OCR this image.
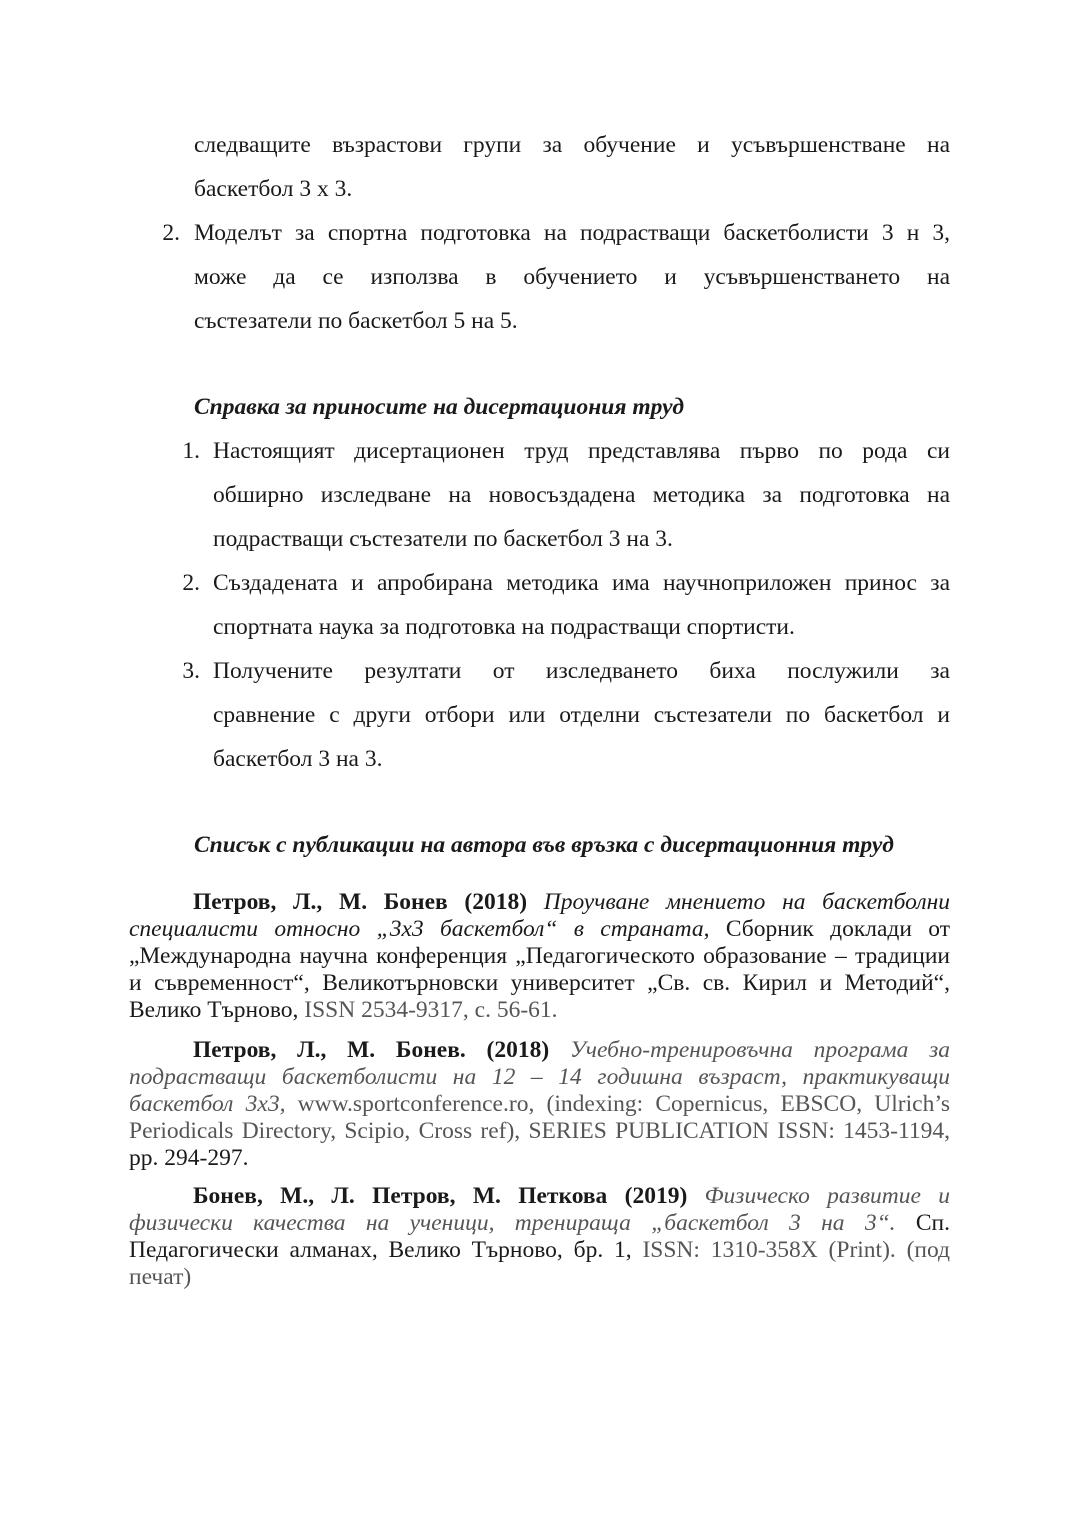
следващите възрастови групи за обучение и усъвършенстване на
баскетбол 3 х 3.
2. Моделът за спортна подготовка на подрастващи баскетболисти 3 н 3,
може да се използва в обучението и усъвършенстването на
състезатели по баскетбол 5 на 5.
Справка за приносите на дисертациония труд
1. Настоящият дисертационен труд представлява първо по рода си
обширно изследване на новосъздадена методика за подготовка на
подрастващи състезатели по баскетбол 3 на 3.
2. Създадената и апробирана методика има научноприложен принос за
спортната наука за подготовка на подрастващи спортисти.
3. Получените резултати от изследването биха послужили за
сравнение с други отбори или отделни състезатели по баскетбол и
баскетбол 3 на 3.
Списък с публикации на автора във връзка с дисертационния труд
Петров, Л., М. Бонев (2018) Проучване мнението на баскетболни специалисти относно „3х3 баскетбол“ в страната, Сборник доклади от „Международна научна конференция „Педагогическото образование – традиции и съвременност“, Великотърновски университет „Св. св. Кирил и Методий“, Велико Търново, ISSN 2534-9317, с. 56-61.
Петров, Л., М. Бонев. (2018) Учебно-тренировъчна програма за подрастващи баскетболисти на 12 – 14 годишна възраст, практикуващи баскетбол 3х3, www.sportconference.ro, (indexing: Copernicus, EBSCO, Ulrich’s Periodicals Directory, Scipio, Cross ref), SERIES PUBLICATION ISSN: 1453-1194, pp. 294-297.
Бонев, М., Л. Петров, М. Петкова (2019) Физическо развитие и физически качества на ученици, тренираща „баскетбол 3 на 3“. Сп. Педагогически алманах, Велико Търново, бр. 1, ISSN: 1310-358X (Print). (под печат)
